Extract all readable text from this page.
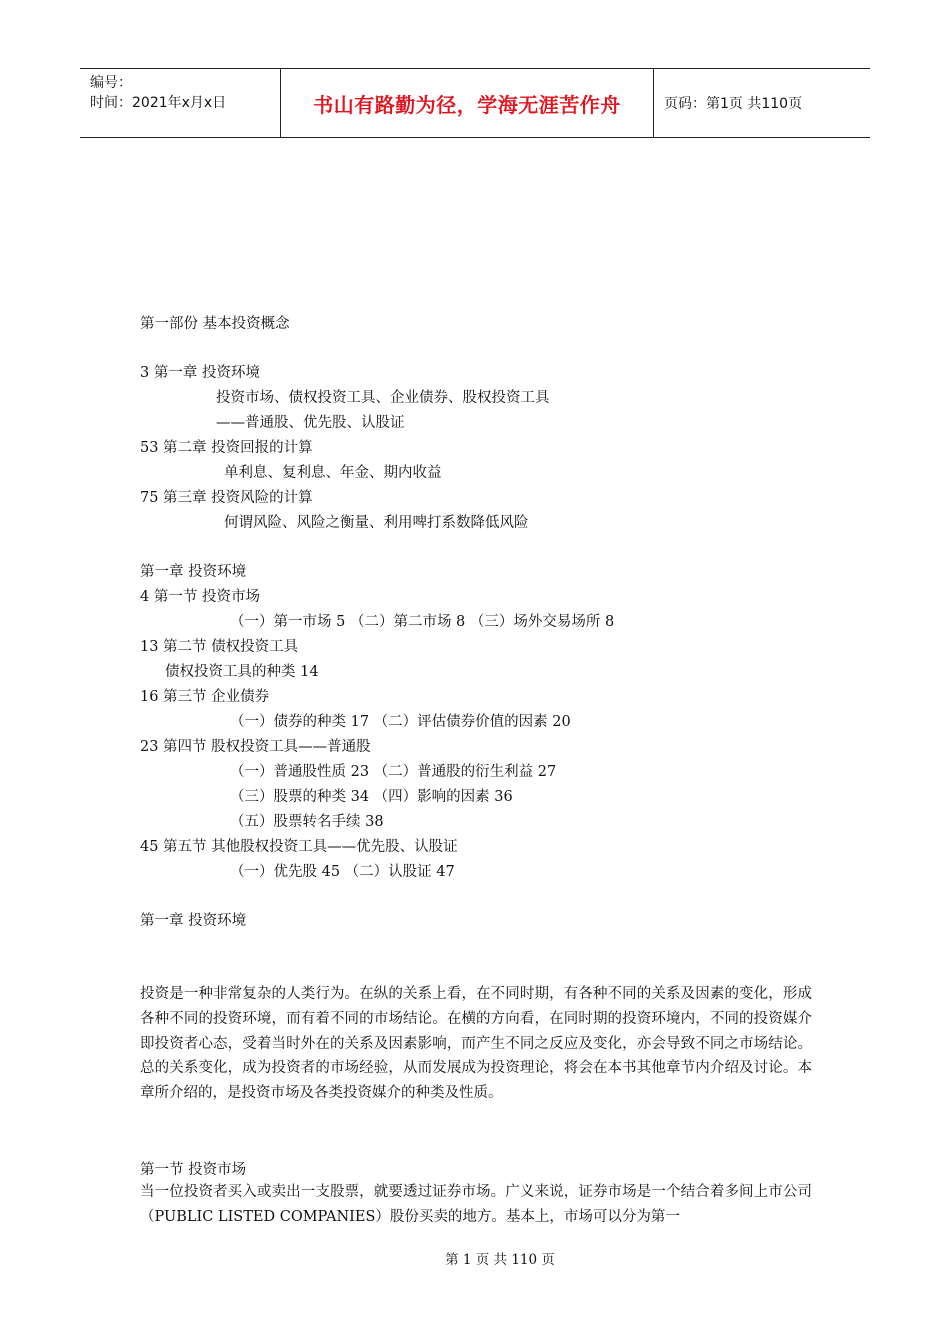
编号：
时间：2021年x月x日	书山有路勤为径，学海无涯苦作舟	页码：第1页 共110页
第一部份 基本投资概念
3 第一章 投资环境
投资市场、债权投资工具、企业债券、股权投资工具
——普通股、优先股、认股证
53 第二章 投资回报的计算
单利息、复利息、年金、期内收益
75 第三章 投资风险的计算
何谓风险、风险之衡量、利用啤打系数降低风险
第一章 投资环境
4 第一节 投资市场
（一）第一市场 5 （二）第二市场 8 （三）场外交易场所 8
13 第二节 债权投资工具
债权投资工具的种类 14
16 第三节 企业债券
（一）债券的种类 17 （二）评估债券价值的因素 20
23 第四节 股权投资工具——普通股
（一）普通股性质 23 （二）普通股的衍生利益 27
（三）股票的种类 34 （四）影响的因素 36
（五）股票转名手续 38
45 第五节 其他股权投资工具——优先股、认股证
（一）优先股 45 （二）认股证 47
第一章 投资环境
投资是一种非常复杂的人类行为。在纵的关系上看，在不同时期，有各种不同的关系及因素的变化，形成各种不同的投资环境，而有着不同的市场结论。在横的方向看，在同时期的投资环境内，不同的投资媒介即投资者心态，受着当时外在的关系及因素影响，而产生不同之反应及变化，亦会导致不同之市场结论。总的关系变化，成为投资者的市场经验，从而发展成为投资理论，将会在本书其他章节内介绍及讨论。本章所介绍的，是投资市场及各类投资媒介的种类及性质。
第一节 投资市场
当一位投资者买入或卖出一支股票，就要透过证券市场。广义来说，证券市场是一个结合着多间上市公司（PUBLIC LISTED COMPANIES）股份买卖的地方。基本上，市场可以分为第一
第 1 页 共 110 页
